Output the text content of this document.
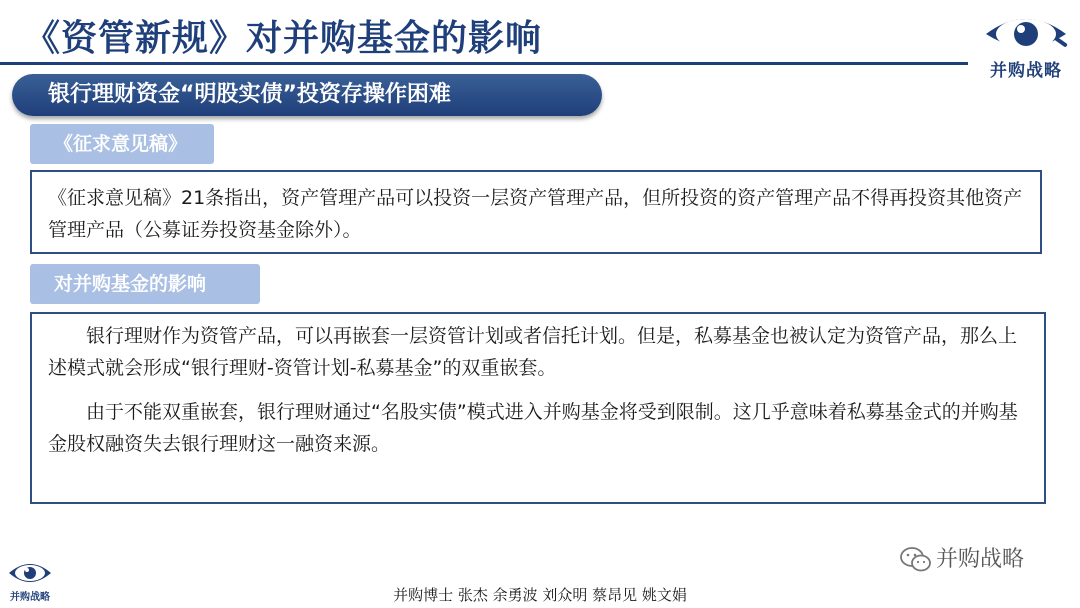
《资管新规》对并购基金的影响
并购战略
银行理财资金“明股实债”投资存操作困难
《征求意见稿》
《征求意见稿》21条指出，资产管理产品可以投资一层资产管理产品，但所投资的资产管理产品不得再投资其他资产管理产品（公募证券投资基金除外）。
对并购基金的影响

银行理财作为资管产品，可以再嵌套一层资管计划或者信托计划。但是，私募基金也被认定为资管产品，那么上述模式就会形成“银行理财-资管计划-私募基金”的双重嵌套。

由于不能双重嵌套，银行理财通过“名股实债”模式进入并购基金将受到限制。这几乎意味着私募基金式的并购基金股权融资失去银行理财这一融资来源。

并购战略
并购战略
并购博士 张杰 余勇波 刘众明 蔡昂见 姚文娟
